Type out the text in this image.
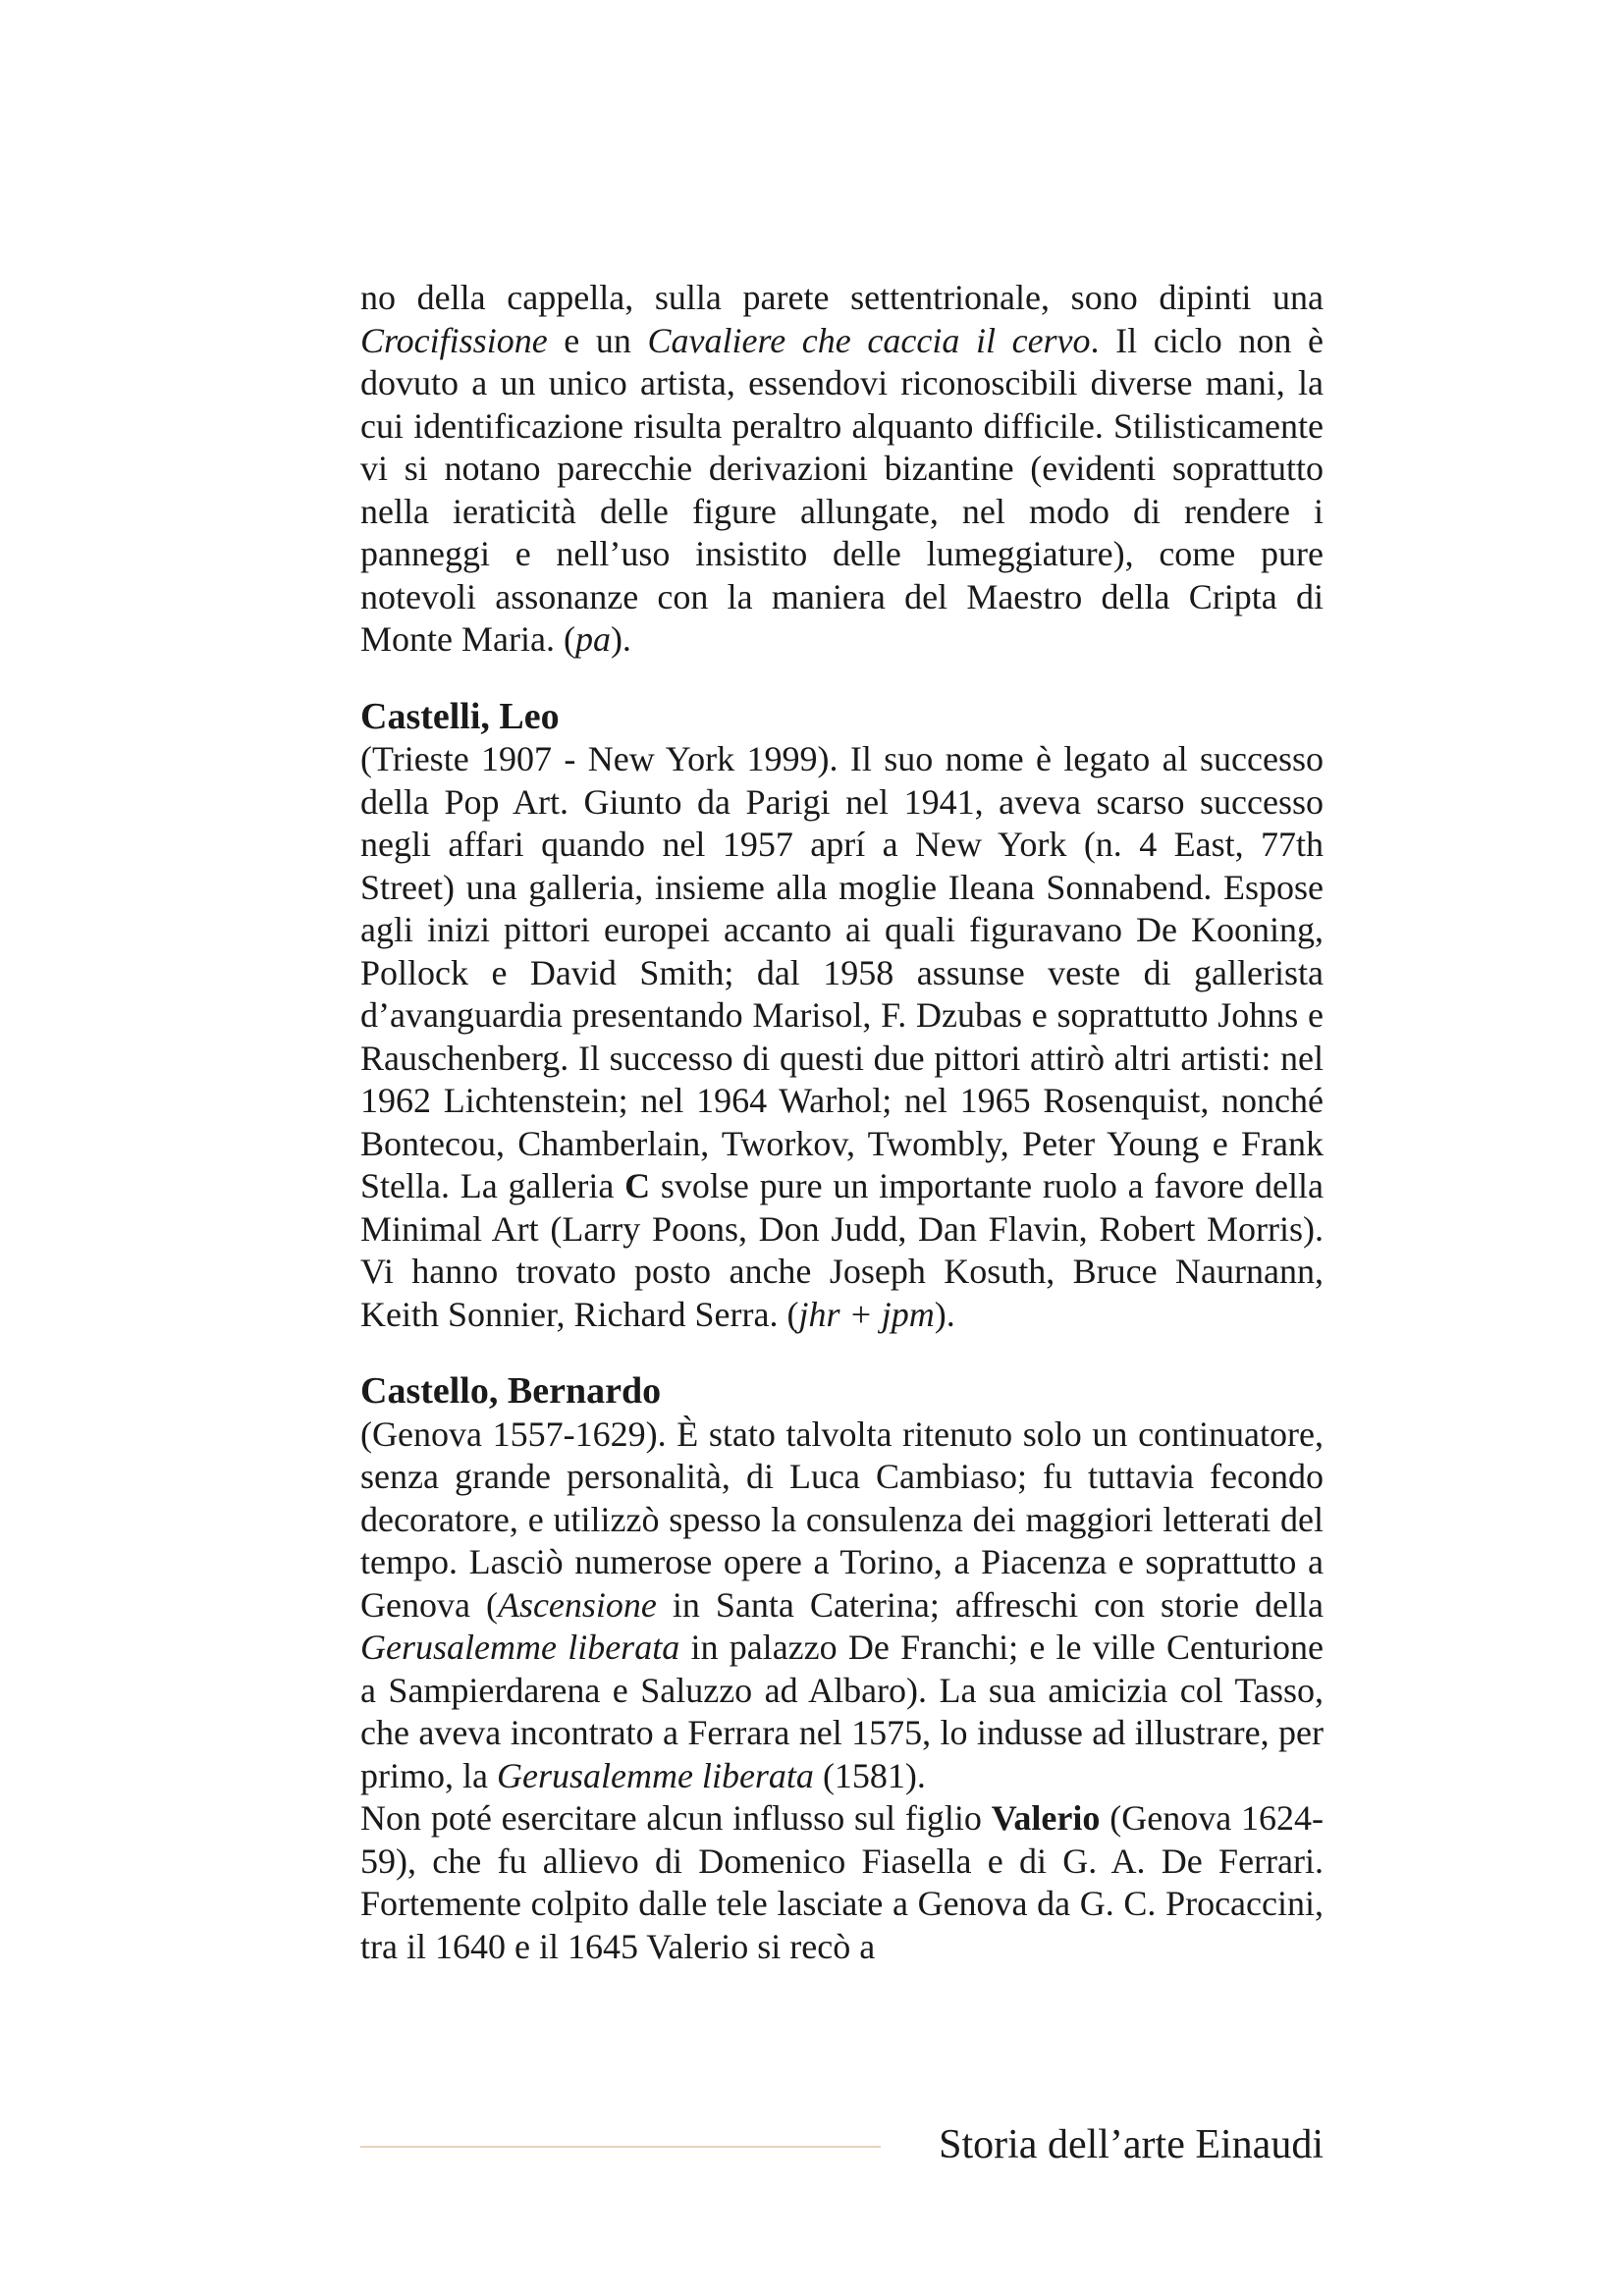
no della cappella, sulla parete settentrionale, sono dipinti una Crocifissione e un Cavaliere che caccia il cervo. Il ciclo non è dovuto a un unico artista, essendovi riconoscibili diverse mani, la cui identificazione risulta peraltro alquanto difficile. Stilisticamente vi si notano parecchie derivazioni bizantine (evidenti soprattutto nella ieraticità delle figure allungate, nel modo di rendere i panneggi e nell’uso insistito delle lumeggiature), come pure notevoli assonanze con la maniera del Maestro della Cripta di Monte Maria. (pa).

Castelli, Leo

(Trieste 1907 - New York 1999). Il suo nome è legato al successo della Pop Art. Giunto da Parigi nel 1941, aveva scarso successo negli affari quando nel 1957 aprí a New York (n. 4 East, 77th Street) una galleria, insieme alla moglie Ileana Sonnabend. Espose agli inizi pittori europei accanto ai quali figuravano De Kooning, Pollock e David Smith; dal 1958 assunse veste di gallerista d’avanguardia presentando Marisol, F. Dzubas e soprattutto Johns e Rauschenberg. Il successo di questi due pittori attirò altri artisti: nel 1962 Lichtenstein; nel 1964 Warhol; nel 1965 Rosenquist, nonché Bontecou, Chamberlain, Tworkov, Twombly, Peter Young e Frank Stella. La galleria C svolse pure un importante ruolo a favore della Minimal Art (Larry Poons, Don Judd, Dan Flavin, Robert Morris). Vi hanno trovato posto anche Joseph Kosuth, Bruce Naurnann, Keith Sonnier, Richard Serra. (jhr + jpm).

Castello, Bernardo

(Genova 1557-1629). È stato talvolta ritenuto solo un continuatore, senza grande personalità, di Luca Cambiaso; fu tuttavia fecondo decoratore, e utilizzò spesso la consulenza dei maggiori letterati del tempo. Lasciò numerose opere a Torino, a Piacenza e soprattutto a Genova (Ascensione in Santa Caterina; affreschi con storie della Gerusalemme liberata in palazzo De Franchi; e le ville Centurione a Sampierdarena e Saluzzo ad Albaro). La sua amicizia col Tasso, che aveva incontrato a Ferrara nel 1575, lo indusse ad illustrare, per primo, la Gerusalemme liberata (1581).

Non poté esercitare alcun influsso sul figlio Valerio (Genova 1624-59), che fu allievo di Domenico Fiasella e di G. A. De Ferrari. Fortemente colpito dalle tele lasciate a Genova da G. C. Procaccini, tra il 1640 e il 1645 Valerio si recò a

Storia dell’arte Einaudi
